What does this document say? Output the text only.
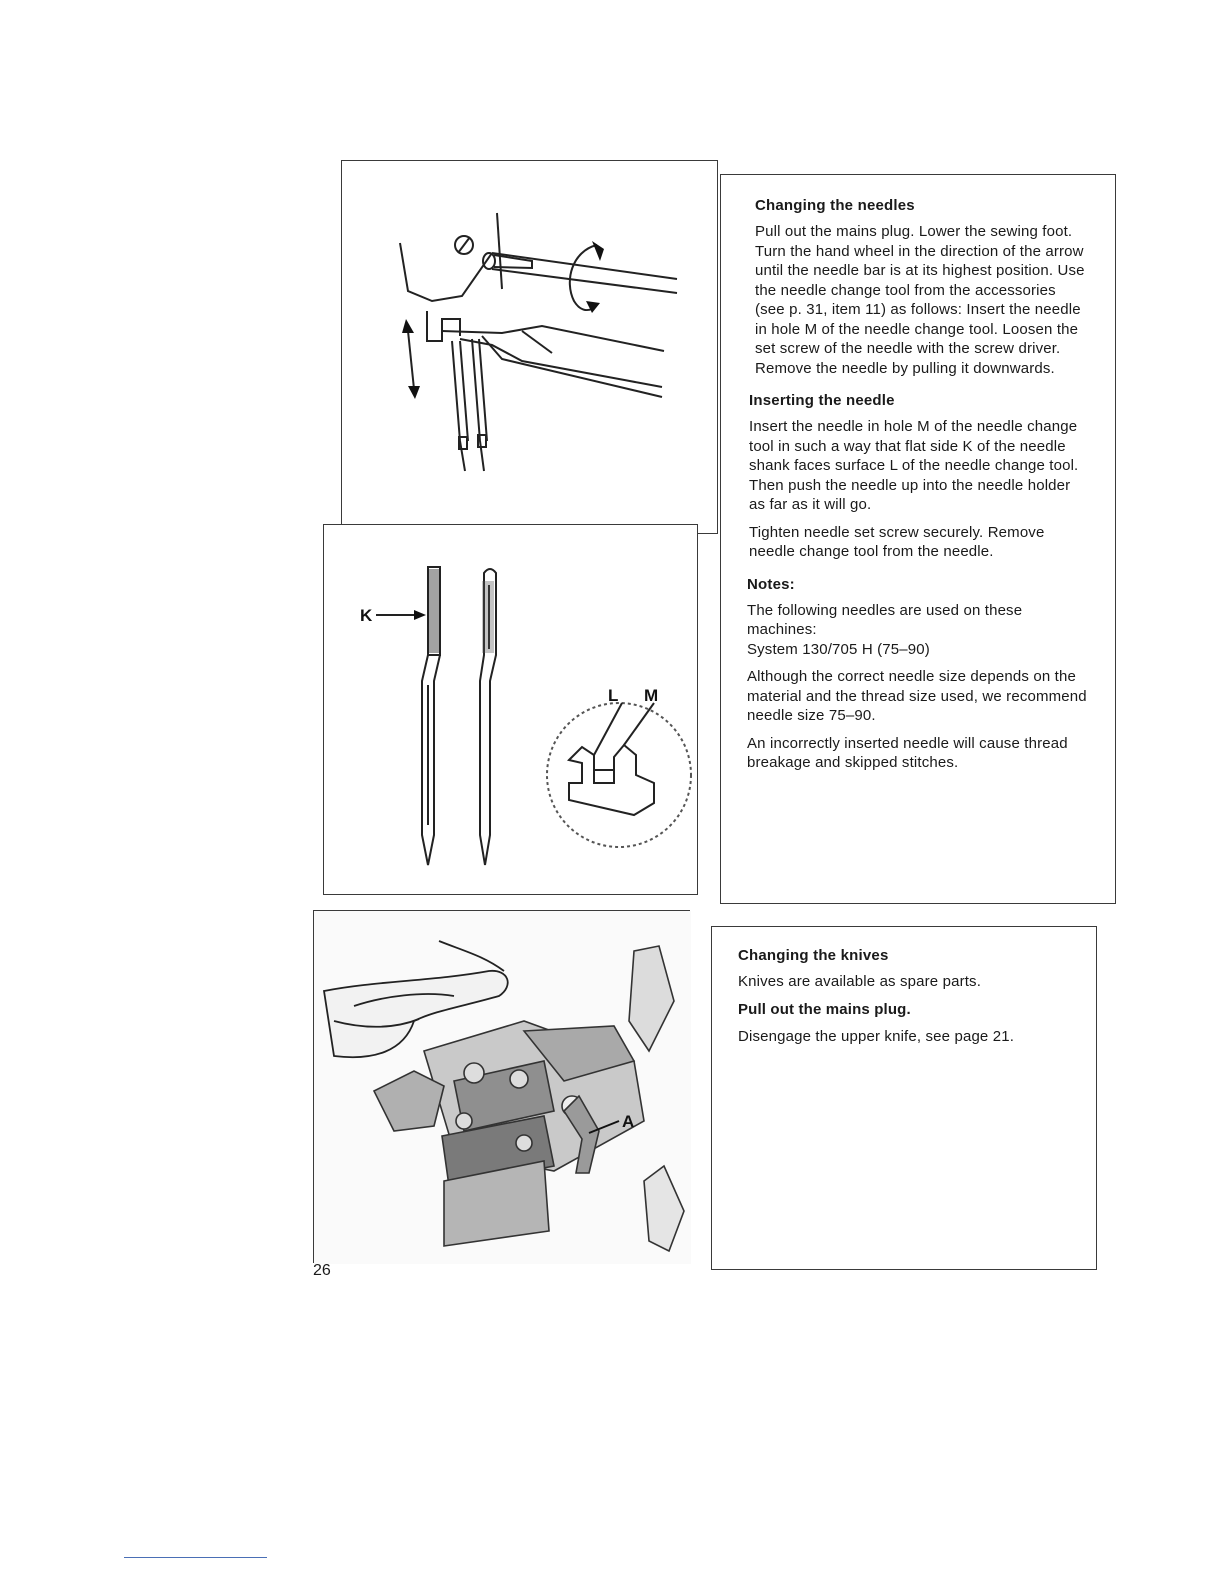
K
L M
A
Changing the needles

Pull out the mains plug. Lower the sewing foot. Turn the hand wheel in the direction of the arrow until the needle bar is at its highest position. Use the needle change tool from the accessories (see p. 31, item 11) as follows: Insert the needle in hole M of the needle change tool. Loosen the set screw of the needle with the screw driver. Remove the needle by pulling it downwards.

Inserting the needle

Insert the needle in hole M of the needle change tool in such a way that flat side K of the needle shank faces surface L of the needle change tool. Then push the needle up into the needle holder as far as it will go.

Tighten needle set screw securely. Remove needle change tool from the needle.

Notes:

The following needles are used on these machines:

System 130/705 H (75–90)

Although the correct needle size depends on the material and the thread size used, we recommend needle size 75–90.

An incorrectly inserted needle will cause thread breakage and skipped stitches.

Changing the knives

Knives are available as spare parts.

Pull out the mains plug.

Disengage the upper knife, see page 21.

26
